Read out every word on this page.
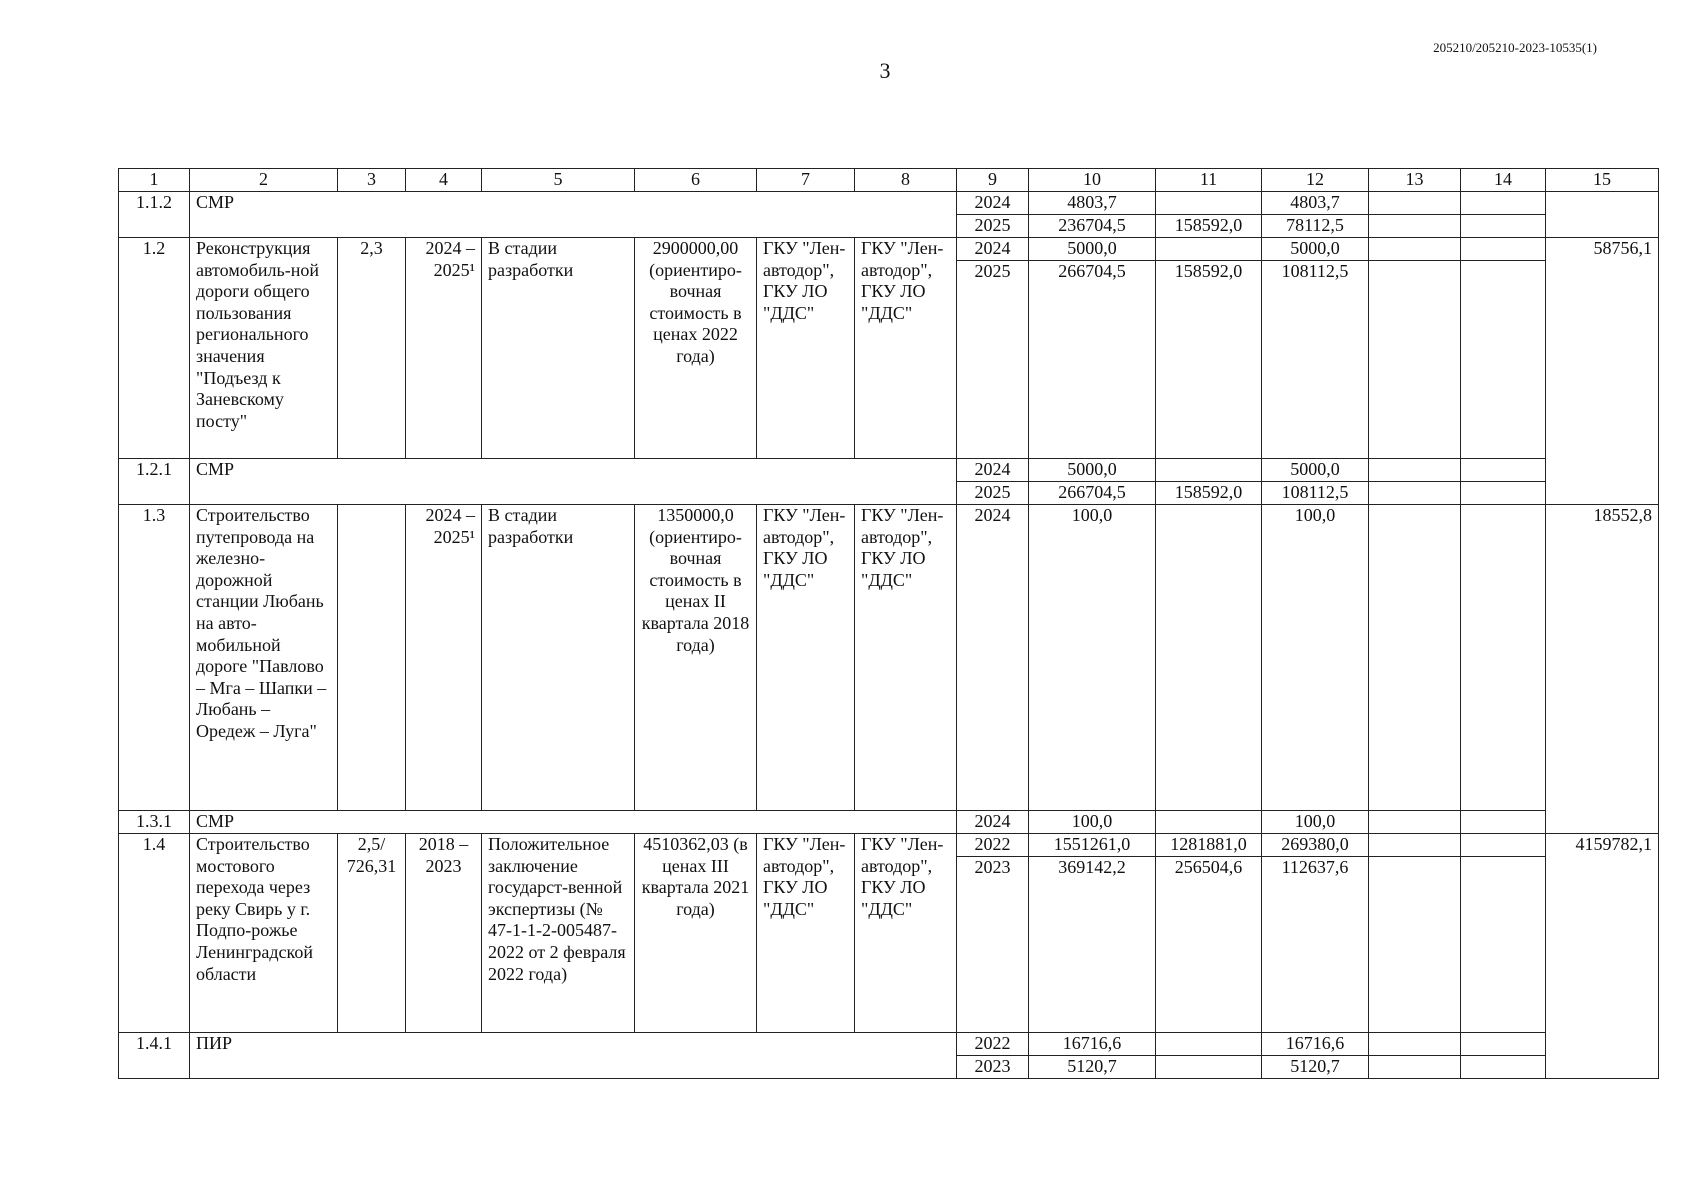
205210/205210-2023-10535(1)
3
1	2	3	4	5	6	7	8	9	10	11	12	13	14	15
1.1.2	СМР							2024	4803,7		4803,7			
								2025	236704,5	158592,0	78112,5			
1.2	Реконструкция автомобиль-ной дороги общего пользования регионального значения "Подъезд к Заневскому посту"	2,3	2024 – 2025¹	В стадии разработки	2900000,00 (ориентиро-вочная стоимость в ценах 2022 года)	ГКУ "Лен-автодор", ГКУ ЛО "ДДС"	ГКУ "Лен-автодор", ГКУ ЛО "ДДС"	2024	5000,0		5000,0			58756,1
								2025	266704,5	158592,0	108112,5			
1.2.1	СМР							2024	5000,0		5000,0			
								2025	266704,5	158592,0	108112,5			
1.3	Строительство путепровода на железно-дорожной станции Любань на авто-мобильной дороге "Павлово – Мга – Шапки – Любань – Оредеж – Луга"		2024 – 2025¹	В стадии разработки	1350000,0 (ориентиро-вочная стоимость в ценах II квартала 2018 года)	ГКУ "Лен-автодор", ГКУ ЛО "ДДС"	ГКУ "Лен-автодор", ГКУ ЛО "ДДС"	2024	100,0		100,0			18552,8
1.3.1	СМР							2024	100,0		100,0			
1.4	Строительство мостового перехода через реку Свирь у г. Подпо-рожье Ленинградской области	2,5/ 726,31	2018 – 2023	Положительное заключение государст-венной экспертизы (№ 47-1-1-2-005487-2022 от 2 февраля 2022 года)	4510362,03 (в ценах III квартала 2021 года)	ГКУ "Лен-автодор", ГКУ ЛО "ДДС"	ГКУ "Лен-автодор", ГКУ ЛО "ДДС"	2022	1551261,0	1281881,0	269380,0			4159782,1
								2023	369142,2	256504,6	112637,6			
1.4.1	ПИР							2022	16716,6		16716,6			
								2023	5120,7		5120,7			
